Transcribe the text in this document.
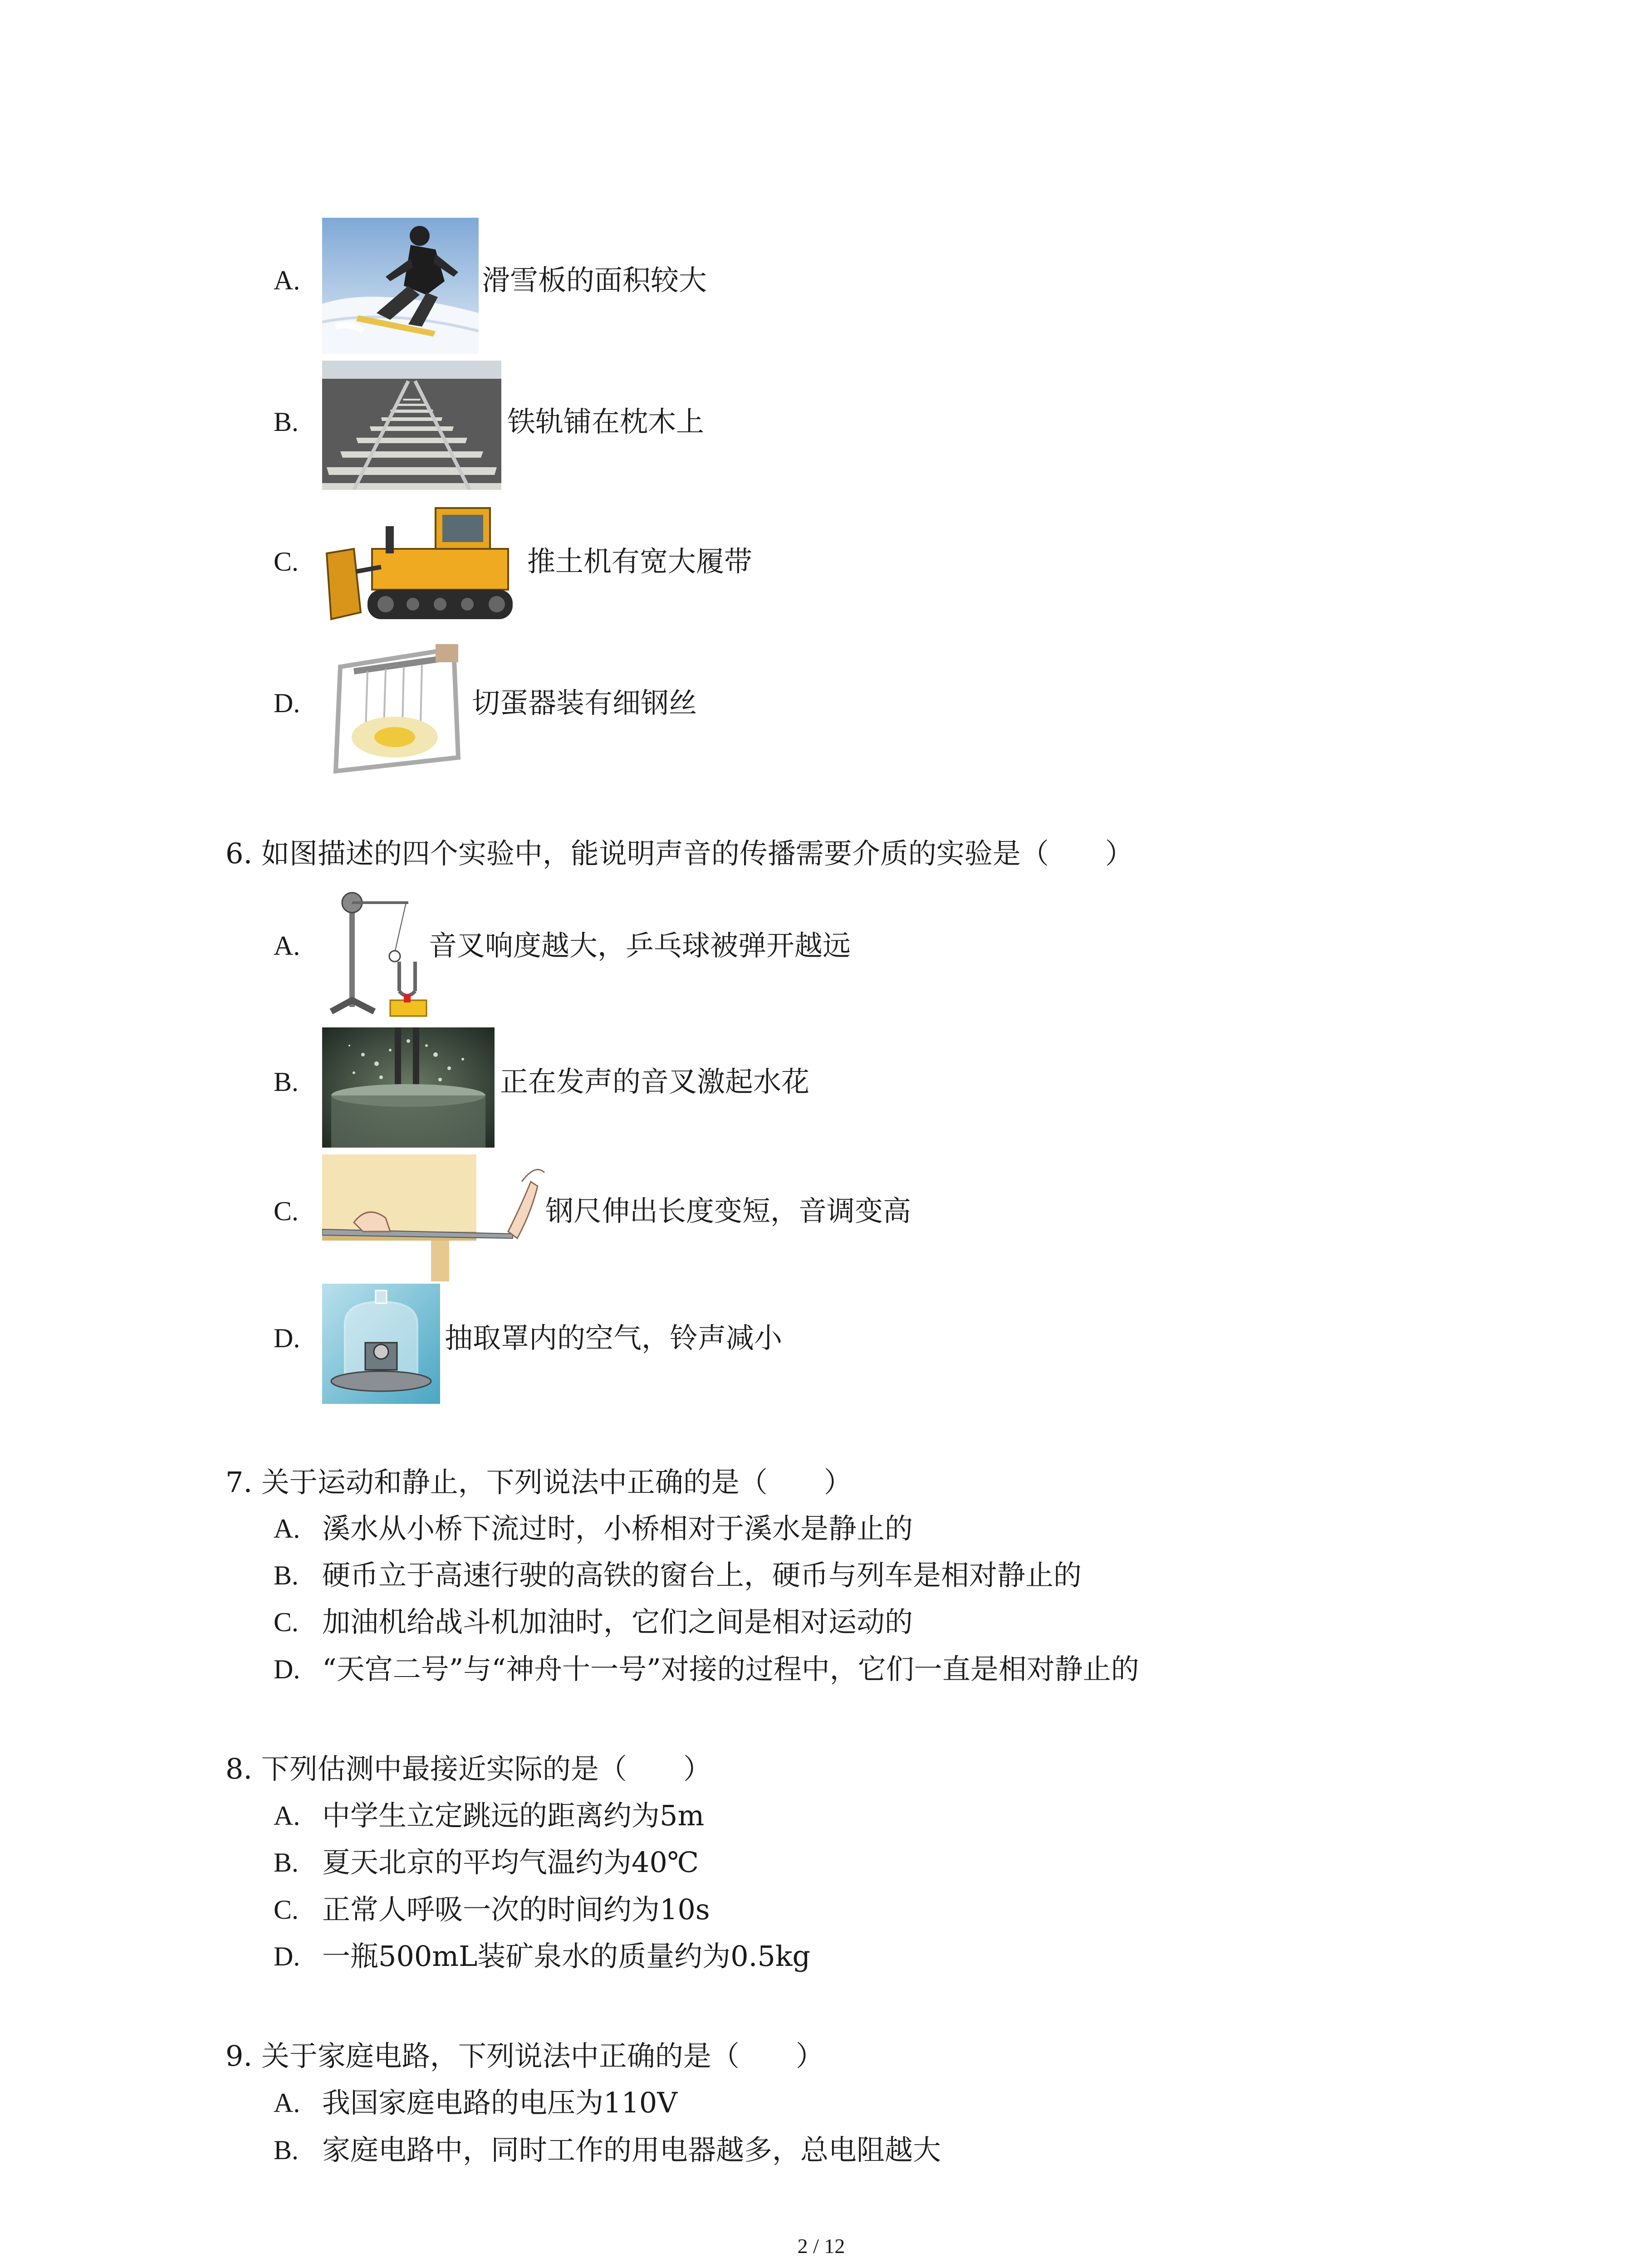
A.	滑雪板的面积较大
B.	铁轨铺在枕木上
C.	推土机有宽大履带
D.	切蛋器装有细钢丝
6. 如图描述的四个实验中，能说明声音的传播需要介质的实验是（　　）
A.	音叉响度越大，乒乓球被弹开越远
B.	正在发声的音叉激起水花
C.	钢尺伸出长度变短，音调变高
D.	抽取罩内的空气，铃声减小
7. 关于运动和静止，下列说法中正确的是（　　）
A. 溪水从小桥下流过时，小桥相对于溪水是静止的
B. 硬币立于高速行驶的高铁的窗台上，硬币与列车是相对静止的
C. 加油机给战斗机加油时，它们之间是相对运动的
D. “天宫二号”与“神舟十一号”对接的过程中，它们一直是相对静止的
8. 下列估测中最接近实际的是（　　）
A. 中学生立定跳远的距离约为5m
B. 夏天北京的平均气温约为40℃
C. 正常人呼吸一次的时间约为10s
D. 一瓶500mL装矿泉水的质量约为0.5kg
9. 关于家庭电路，下列说法中正确的是（　　）
A. 我国家庭电路的电压为110V
B. 家庭电路中，同时工作的用电器越多，总电阻越大
2 / 12
